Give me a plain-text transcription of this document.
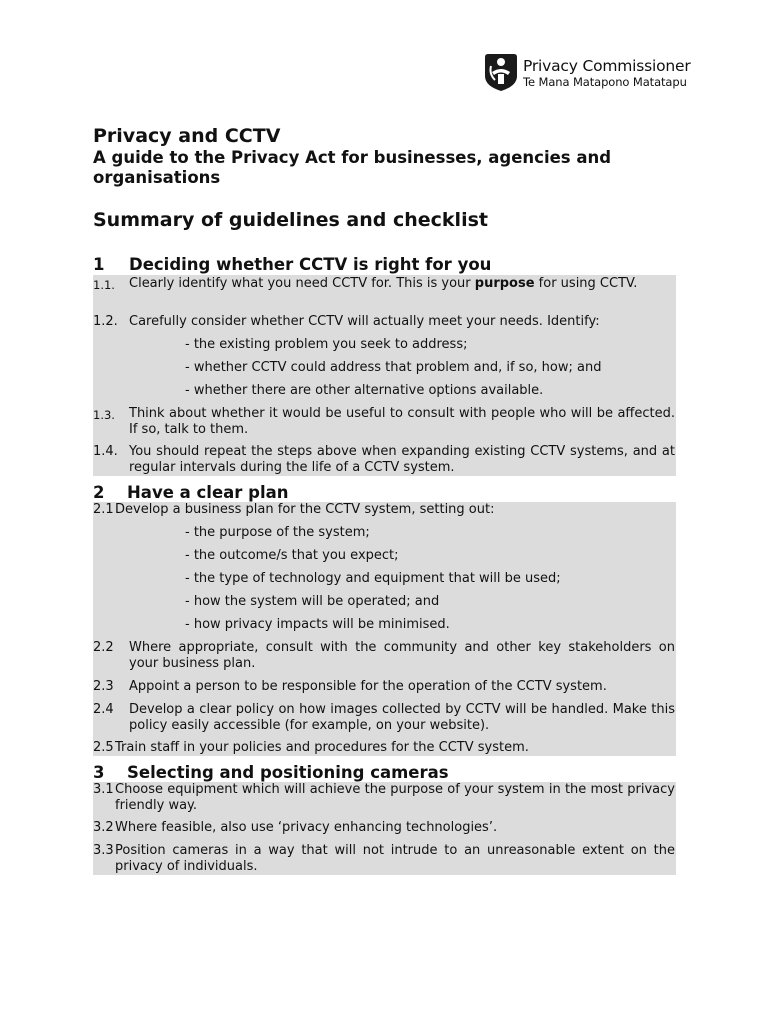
Privacy Commissioner
Te Mana Matapono Matatapu
Privacy and CCTV
A guide to the Privacy Act for businesses, agencies and organisations
Summary of guidelines and checklist
1 Deciding whether CCTV is right for you
1.1. Clearly identify what you need CCTV for. This is your purpose for using CCTV.
1.2. Carefully consider whether CCTV will actually meet your needs. Identify:
- the existing problem you seek to address;
- whether CCTV could address that problem and, if so, how; and
- whether there are other alternative options available.
1.3. Think about whether it would be useful to consult with people who will be affected. If so, talk to them.
1.4. You should repeat the steps above when expanding existing CCTV systems, and at regular intervals during the life of a CCTV system.
2 Have a clear plan
2.1 Develop a business plan for the CCTV system, setting out:
- the purpose of the system;
- the outcome/s that you expect;
- the type of technology and equipment that will be used;
- how the system will be operated; and
- how privacy impacts will be minimised.
2.2 Where appropriate, consult with the community and other key stakeholders on your business plan.
2.3 Appoint a person to be responsible for the operation of the CCTV system.
2.4 Develop a clear policy on how images collected by CCTV will be handled. Make this policy easily accessible (for example, on your website).
2.5 Train staff in your policies and procedures for the CCTV system.
3 Selecting and positioning cameras
3.1 Choose equipment which will achieve the purpose of your system in the most privacy friendly way.
3.2 Where feasible, also use ‘privacy enhancing technologies’.
3.3 Position cameras in a way that will not intrude to an unreasonable extent on the privacy of individuals.
